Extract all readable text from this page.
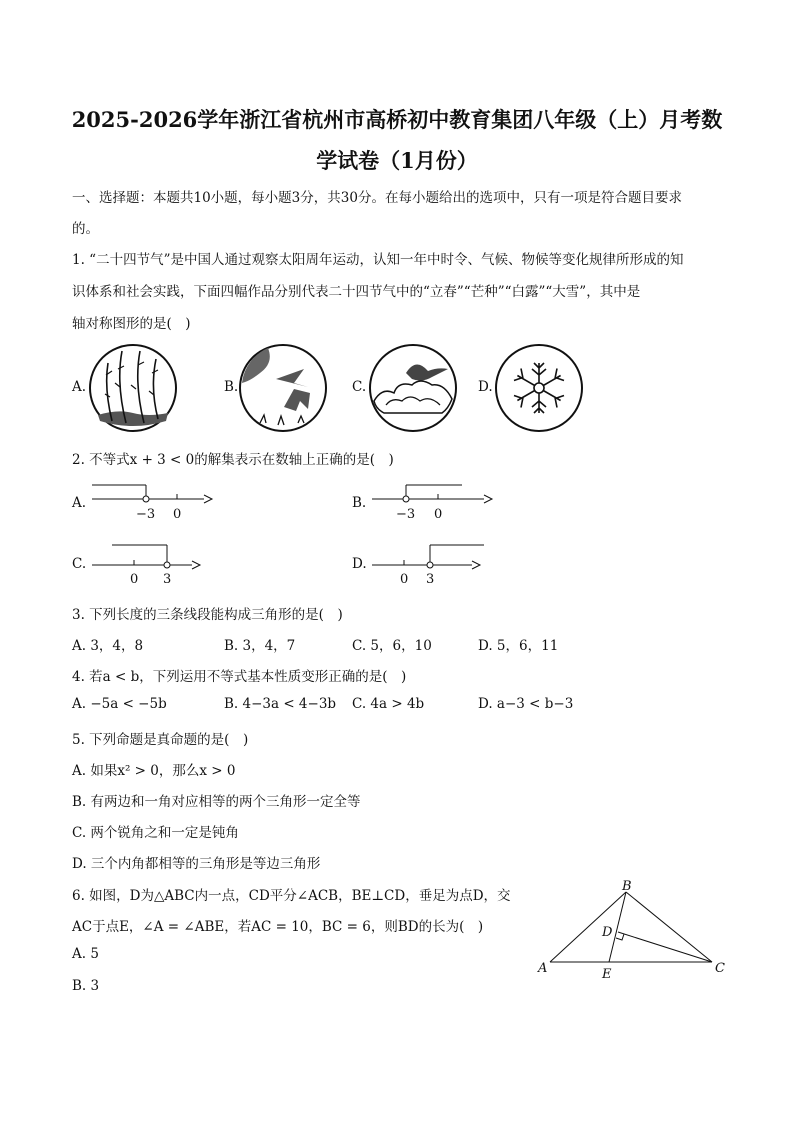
2025-2026学年浙江省杭州市高桥初中教育集团八年级（上）月考数
学试卷（1月份）
一、选择题：本题共10小题，每小题3分，共30分。在每小题给出的选项中，只有一项是符合题目要求
的。
1. “二十四节气”是中国人通过观察太阳周年运动，认知一年中时令、气候、物候等变化规律所形成的知
识体系和社会实践，下面四幅作品分别代表二十四节气中的“立春”“芒种”“白露”“大雪”，其中是
轴对称图形的是(　)
A.	B.	C.	D.
2. 不等式x + 3 < 0的解集表示在数轴上正确的是(　)
A.
−3 0
B.
−3 0
C.
0 3
D.
0 3
3. 下列长度的三条线段能构成三角形的是(　)
A. 3，4，8	B. 3，4，7	C. 5，6，10	D. 5，6，11
4. 若a < b，下列运用不等式基本性质变形正确的是(　)
A. −5a < −5b	B. 4−3a < 4−3b C. 4a > 4b	D. a−3 < b−3
5. 下列命题是真命题的是(　)
A. 如果x² > 0，那么x > 0
B. 有两边和一角对应相等的两个三角形一定全等
C. 两个锐角之和一定是钝角
D. 三个内角都相等的三角形是等边三角形
6. 如图，D为△ABC内一点，CD平分∠ACB，BE⊥CD，垂足为点D，交
AC于点E，∠A = ∠ABE，若AC = 10，BC = 6，则BD的长为(　)
A. 5
B. 3
A
B
C
D
E
